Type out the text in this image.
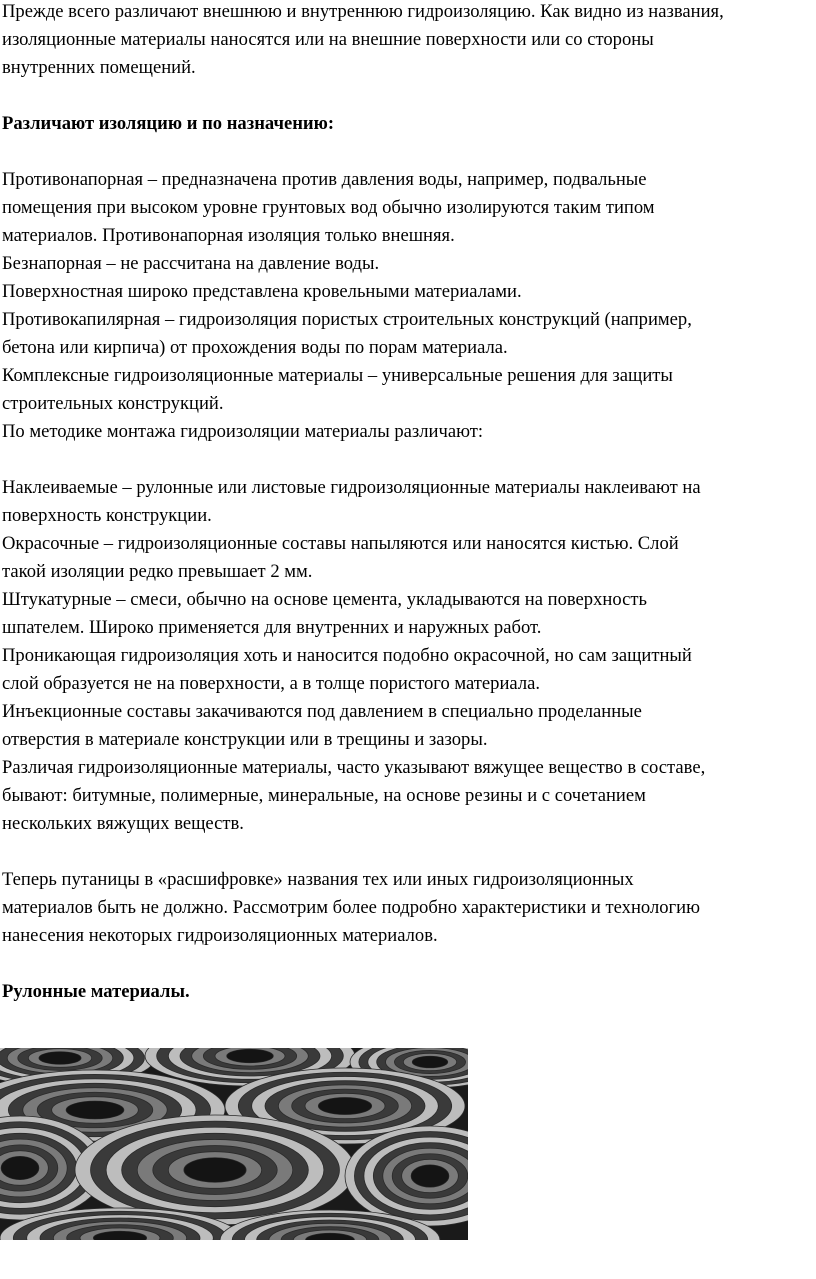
Прежде всего различают внешнюю и внутреннюю гидроизоляцию. Как видно из названия,
изоляционные материалы наносятся или на внешние поверхности или со стороны
внутренних помещений.
Различают изоляцию и по назначению:
Противонапорная – предназначена против давления воды, например, подвальные
помещения при высоком уровне грунтовых вод обычно изолируются таким типом
материалов. Противонапорная изоляция только внешняя.
Безнапорная – не рассчитана на давление воды.
Поверхностная широко представлена кровельными материалами.
Противокапилярная – гидроизоляция пористых строительных конструкций (например,
бетона или кирпича) от прохождения воды по порам материала.
Комплексные гидроизоляционные материалы – универсальные решения для защиты
строительных конструкций.
По методике монтажа гидроизоляции материалы различают:
Наклеиваемые – рулонные или листовые гидроизоляционные материалы наклеивают на
поверхность конструкции.
Окрасочные – гидроизоляционные составы напыляются или наносятся кистью. Слой
такой изоляции редко превышает 2 мм.
Штукатурные – смеси, обычно на основе цемента, укладываются на поверхность
шпателем. Широко применяется для внутренних и наружных работ.
Проникающая гидроизоляция хоть и наносится подобно окрасочной, но сам защитный
слой образуется не на поверхности, а в толще пористого материала.
Инъекционные составы закачиваются под давлением в специально проделанные
отверстия в материале конструкции или в трещины и зазоры.
Различая гидроизоляционные материалы, часто указывают вяжущее вещество в составе,
бывают: битумные, полимерные, минеральные, на основе резины и с сочетанием
нескольких вяжущих веществ.
Теперь путаницы в «расшифровке» названия тех или иных гидроизоляционных
материалов быть не должно. Рассмотрим более подробно характеристики и технологию
нанесения некоторых гидроизоляционных материалов.
Рулонные материалы.
